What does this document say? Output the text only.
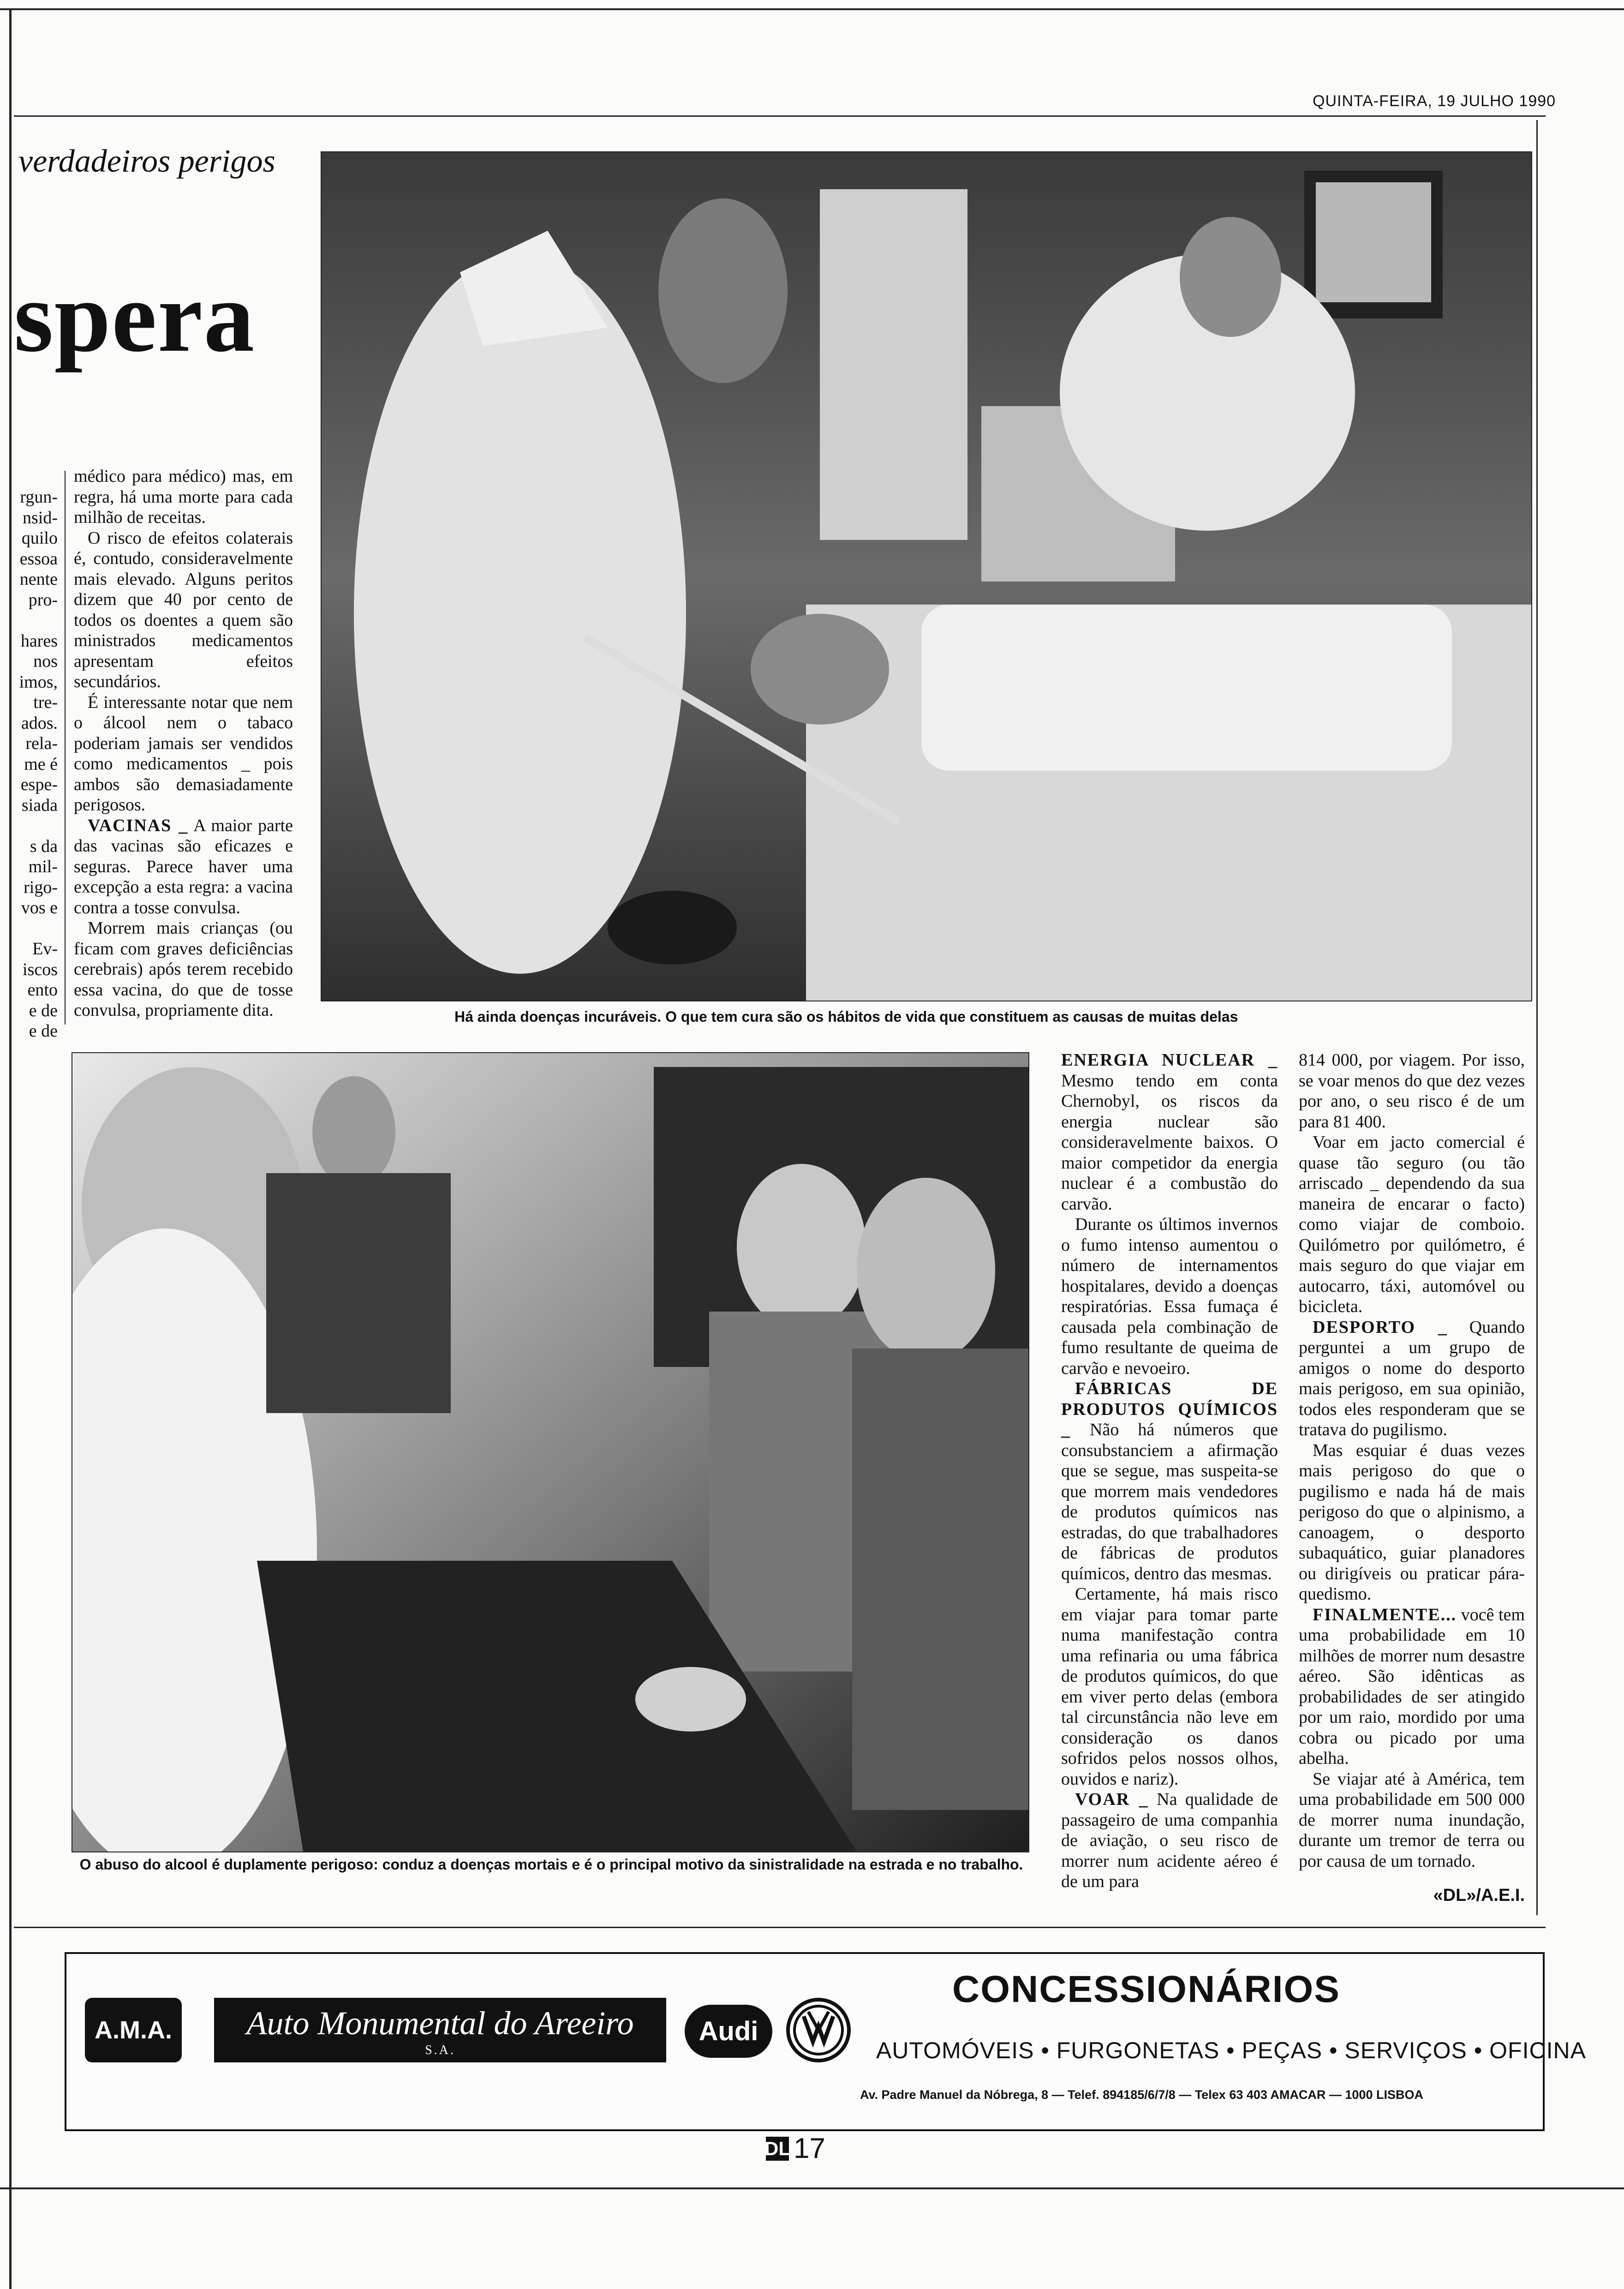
QUINTA-FEIRA, 19 JULHO 1990
verdadeiros perigos
spera
rgun-
nsid-
quilo
essoa
nente
pro-

hares
nos
imos,
tre-
ados.
rela-
me é
espe-
siada

s da
mil-
rigo-
vos e

Ev-
iscos
ento
e de
e de

médico para médico) mas, em regra, há uma morte para cada milhão de receitas.

O risco de efeitos colaterais é, contudo, consideravelmente mais elevado. Alguns peritos dizem que 40 por cento de todos os doentes a quem são ministrados medicamentos apresentam efeitos secundários.

É interessante notar que nem o álcool nem o tabaco poderiam jamais ser vendidos como medicamentos _ pois ambos são demasiadamente perigosos.

VACINAS _ A maior parte das vacinas são eficazes e seguras. Parece haver uma excepção a esta regra: a vacina contra a tosse convulsa.

Morrem mais crianças (ou ficam com graves deficiências cerebrais) após terem recebido essa vacina, do que de tosse convulsa, propriamente dita.	Há ainda doenças incuráveis. O que tem cura são os hábitos de vida que constituem as causas de muitas delas
O abuso do alcool é duplamente perigoso: conduz a doenças mortais e é o principal motivo da sinistralidade na estrada e no trabalho.

ENERGIA NUCLEAR _ Mesmo tendo em conta Chernobyl, os riscos da energia nuclear são consideravelmente baixos. O maior competidor da energia nuclear é a combustão do carvão.

Durante os últimos invernos o fumo intenso aumentou o número de internamentos hospitalares, devido a doenças respiratórias. Essa fumaça é causada pela combinação de fumo resultante de queima de carvão e nevoeiro.

FÁBRICAS DE PRODUTOS QUÍMICOS _ Não há números que consubstanciem a afirmação que se segue, mas suspeita-se que morrem mais vendedores de produtos químicos nas estradas, do que trabalhadores de fábricas de produtos químicos, dentro das mesmas.

Certamente, há mais risco em viajar para tomar parte numa manifestação contra uma refinaria ou uma fábrica de produtos químicos, do que em viver perto delas (embora tal circunstância não leve em consideração os danos sofridos pelos nossos olhos, ouvidos e nariz).

VOAR _ Na qualidade de passageiro de uma companhia de aviação, o seu risco de morrer num acidente aéreo é de um para

814 000, por viagem. Por isso, se voar menos do que dez vezes por ano, o seu risco é de um para 81 400.

Voar em jacto comercial é quase tão seguro (ou tão arriscado _ dependendo da sua maneira de encarar o facto) como viajar de comboio. Quilómetro por quilómetro, é mais seguro do que viajar em autocarro, táxi, automóvel ou bicicleta.

DESPORTO _ Quando perguntei a um grupo de amigos o nome do desporto mais perigoso, em sua opinião, todos eles responderam que se tratava do pugilismo.

Mas esquiar é duas vezes mais perigoso do que o pugilismo e nada há de mais perigoso do que o alpinismo, a canoagem, o desporto subaquático, guiar planadores ou dirigíveis ou praticar pára-quedismo.

FINALMENTE... você tem uma probabilidade em 10 milhões de morrer num desastre aéreo. São idênticas as probabilidades de ser atingido por um raio, mordido por uma cobra ou picado por uma abelha.

Se viajar até à América, tem uma probabilidade em 500 000 de morrer numa inundação, durante um tremor de terra ou por causa de um tornado.

«DL»/A.E.I.

A.M.A.	Auto Monumental do Areeiro
S.A.
Audi
CONCESSIONÁRIOS
AUTOMÓVEIS • FURGONETAS • PEÇAS • SERVIÇOS • OFICINA
Av. Padre Manuel da Nóbrega, 8 — Telef. 894185/6/7/8 — Telex 63 403 AMACAR — 1000 LISBOA
DL 17
